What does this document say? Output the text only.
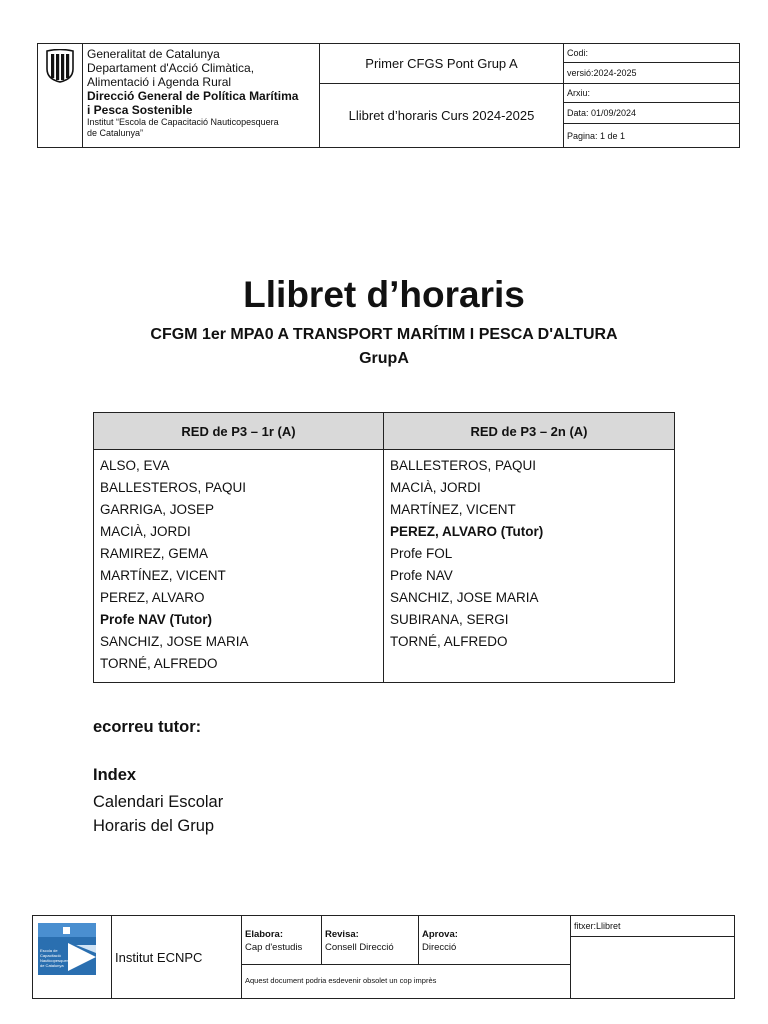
Generalitat de Catalunya
Departament d'Acció Climàtica,
Alimentació i Agenda Rural
Direcció General de Política Marítima
i Pesca Sostenible
Institut “Escola de Capacitació Nauticopesquera
de Catalunya”
Primer CFGS Pont Grup A
Llibret d’horaris Curs 2024-2025
Codi:
versió:2024-2025
Arxiu:
Data: 01/09/2024
Pagina: 1 de 1
Llibret d’horaris
CFGM 1er MPA0 A TRANSPORT MARÍTIM I PESCA D'ALTURA
GrupA
RED de P3 – 1r (A)	RED de P3 – 2n (A)
ALSO, EVA
BALLESTEROS, PAQUI
GARRIGA, JOSEP
MACIÀ, JORDI
RAMIREZ, GEMA
MARTÍNEZ, VICENT
PEREZ, ALVARO
Profe NAV (Tutor)
SANCHIZ, JOSE MARIA
TORNÉ, ALFREDO
BALLESTEROS, PAQUI
MACIÀ, JORDI
MARTÍNEZ, VICENT
PEREZ, ALVARO (Tutor)
Profe FOL
Profe NAV
SANCHIZ, JOSE MARIA
SUBIRANA, SERGI
TORNÉ, ALFREDO
ecorreu tutor:
Index
Calendari Escolar
Horaris del Grup
Escola de
Capacitació
Nauticopesquera
de Catalunya
Institut ECNPC
Elabora:
Cap d'estudis
Revisa:
Consell Direcció
Aprova:
Direcció
Aquest document podria esdevenir obsolet un cop imprès
fitxer:Llibret
